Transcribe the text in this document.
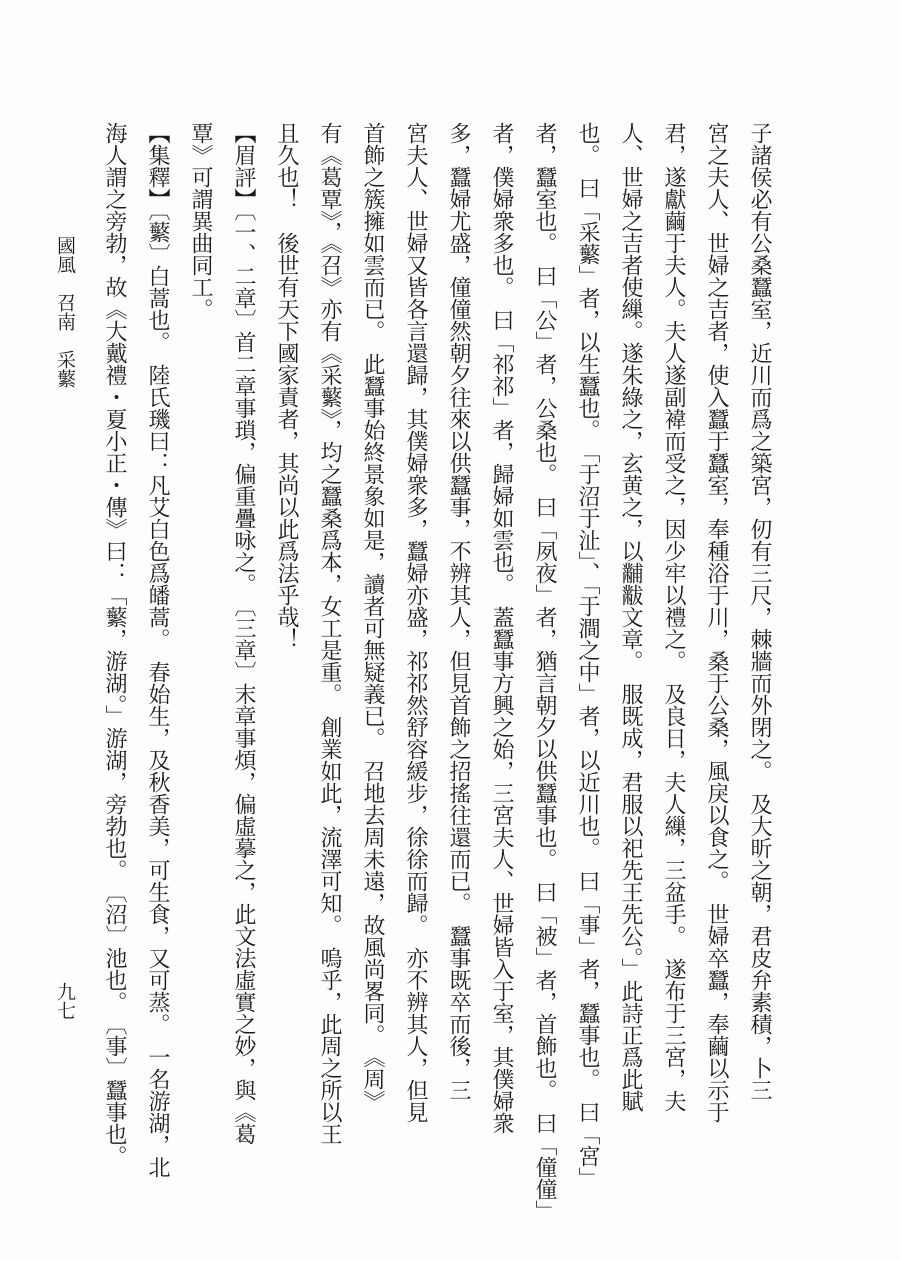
子諸侯必有公桑蠶室，近川而爲之築宮，仞有三尺，棘牆而外閉之。　及大昕之朝，君皮弁素積，卜三
宮之夫人、世婦之吉者，使入蠶于蠶室，奉種浴于川，桑于公桑，風戾以食之。　世婦卒蠶，奉繭以示于
君，遂獻繭于夫人。夫人遂副褘而受之，因少牢以禮之。　及良日，夫人繅，三盆手。　遂布于三宮，夫
人、世婦之吉者使繅。遂朱綠之，玄黄之，以黼黻文章。　服既成，君服以祀先王先公。」此詩正爲此賦
也。　曰「采蘩」者，以生蠶也。　「于沼于沚」、「于澗之中」者，以近川也。　曰「事」者，蠶事也。　曰「宮」
者，蠶室也。　曰「公」者，公桑也。　曰「夙夜」者，猶言朝夕以供蠶事也。　曰「被」者，首飾也。　曰「僮僮」
者，僕婦衆多也。　曰「祁祁」者，歸婦如雲也。　蓋蠶事方興之始，三宮夫人、世婦皆入于室，其僕婦衆
多，蠶婦尤盛，僮僮然朝夕往來以供蠶事，不辨其人，但見首飾之招搖往還而已。　蠶事既卒而後，三
宮夫人、世婦又皆各言還歸，其僕婦衆多，蠶婦亦盛，祁祁然舒容緩步，徐徐而歸。　亦不辨其人，但見
首飾之簇擁如雲而已。　此蠶事始終景象如是，讀者可無疑義已。　召地去周未遠，故風尚畧同。　《周》
有《葛覃》，《召》亦有《采蘩》，均之蠶桑爲本，女工是重。　創業如此，流澤可知。　嗚乎，此周之所以王
且久也！　後世有天下國家責者，其尚以此爲法乎哉！
【眉評】〔一、二章〕首二章事瑣，偏重疊咏之。　〔三章〕末章事煩，偏虛摹之，此文法虛實之妙，與《葛
覃》可謂異曲同工。
【集釋】〔蘩〕白蒿也。　陸氏璣曰：凡艾白色爲皤蒿。　春始生，及秋香美，可生食，又可蒸。　一名游湖，北
海人謂之旁勃，故《大戴禮・夏小正・傳》曰：「蘩，游湖。」游湖，旁勃也。　〔沼〕池也。　〔事〕蠶事也。
國風　召南　采蘩
九七
